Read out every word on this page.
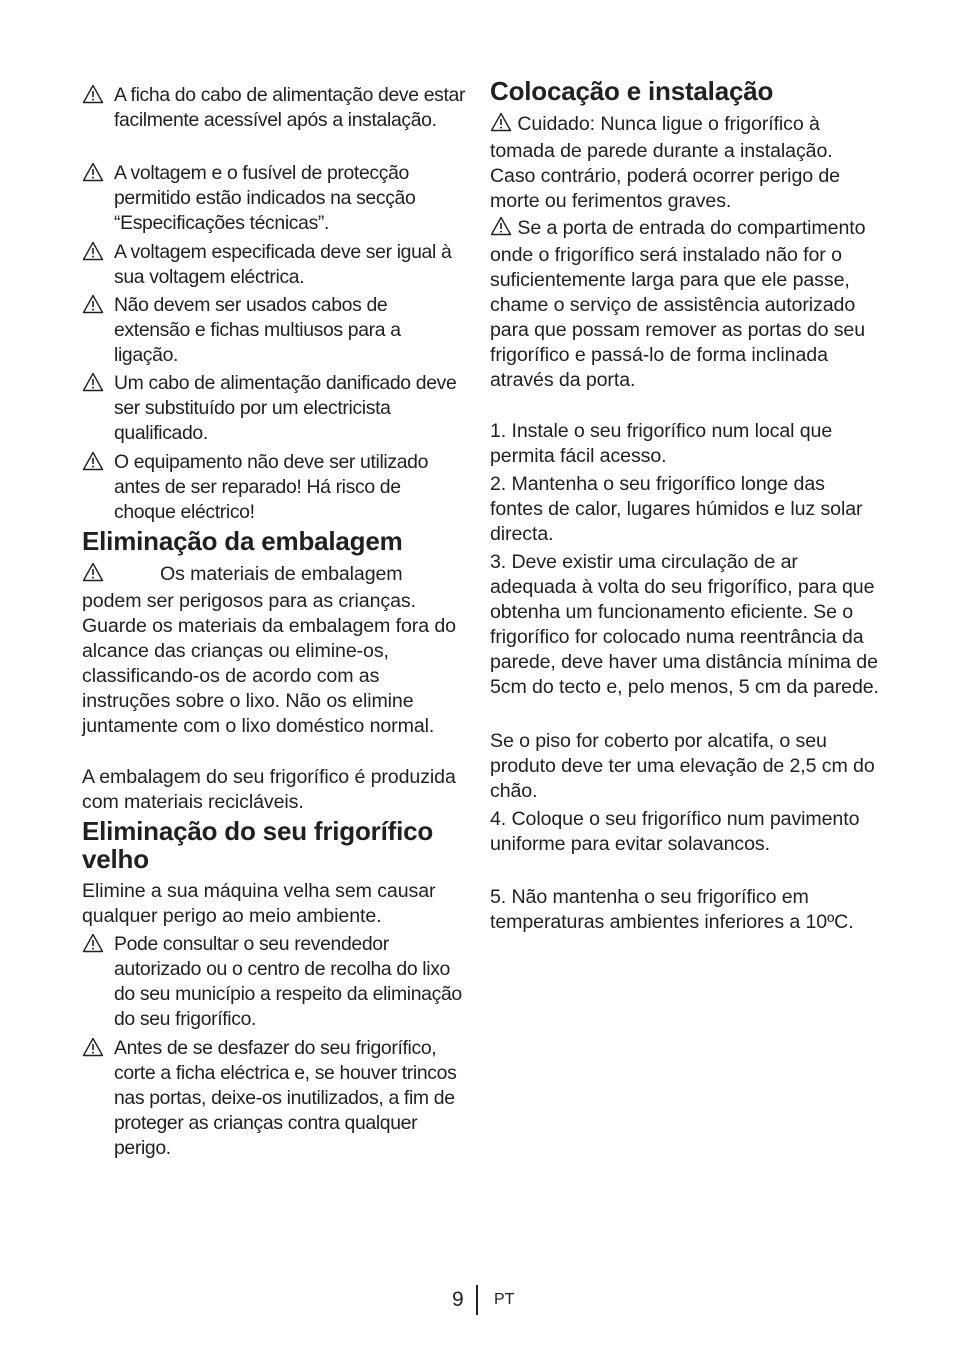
A ficha do cabo de alimentação deve estar facilmente acessível após a instalação.
A voltagem e o fusível de protecção permitido estão indicados na secção “Especificações técnicas”.
A voltagem especificada deve ser igual à sua voltagem eléctrica.
Não devem ser usados cabos de extensão e fichas multiusos para a ligação.
Um cabo de alimentação danificado deve ser substituído por um electricista qualificado.
O equipamento não deve ser utilizado antes de ser reparado! Há risco de choque eléctrico!
Eliminação da embalagem
Os materiais de embalagem podem ser perigosos para as crianças. Guarde os materiais da embalagem fora do alcance das crianças ou elimine-os, classificando-os de acordo com as instruções sobre o lixo. Não os elimine juntamente com o lixo doméstico normal.
A embalagem do seu frigorífico é produzida com materiais recicláveis.
Eliminação do seu frigorífico velho
Elimine a sua máquina velha sem causar qualquer perigo ao meio ambiente.
Pode consultar o seu revendedor autorizado ou o centro de recolha do lixo do seu município a respeito da eliminação do seu frigorífico.
Antes de se desfazer do seu frigorífico, corte a ficha eléctrica e, se houver trincos nas portas, deixe-os inutilizados, a fim de proteger as crianças contra qualquer perigo.
Colocação e instalação
Cuidado: Nunca ligue o frigorífico à tomada de parede durante a instalação. Caso contrário, poderá ocorrer perigo de morte ou ferimentos graves.
Se a porta de entrada do compartimento onde o frigorífico será instalado não for o suficientemente larga para que ele passe, chame o serviço de assistência autorizado para que possam remover as portas do seu frigorífico e passá-lo de forma inclinada através da porta.
1. Instale o seu frigorífico num local que permita fácil acesso.
2. Mantenha o seu frigorífico longe das fontes de calor, lugares húmidos e luz solar directa.
3. Deve existir uma circulação de ar adequada à volta do seu frigorífico, para que obtenha um funcionamento eficiente. Se o frigorífico for colocado numa reentrância da parede, deve haver uma distância mínima de 5cm do tecto e, pelo menos, 5 cm da parede.
Se o piso for coberto por alcatifa, o seu produto deve ter uma elevação de 2,5 cm do chão.
4. Coloque o seu frigorífico num pavimento uniforme para evitar solavancos.
5. Não mantenha o seu frigorífico em temperaturas ambientes inferiores a 10ºC.
9 PT
